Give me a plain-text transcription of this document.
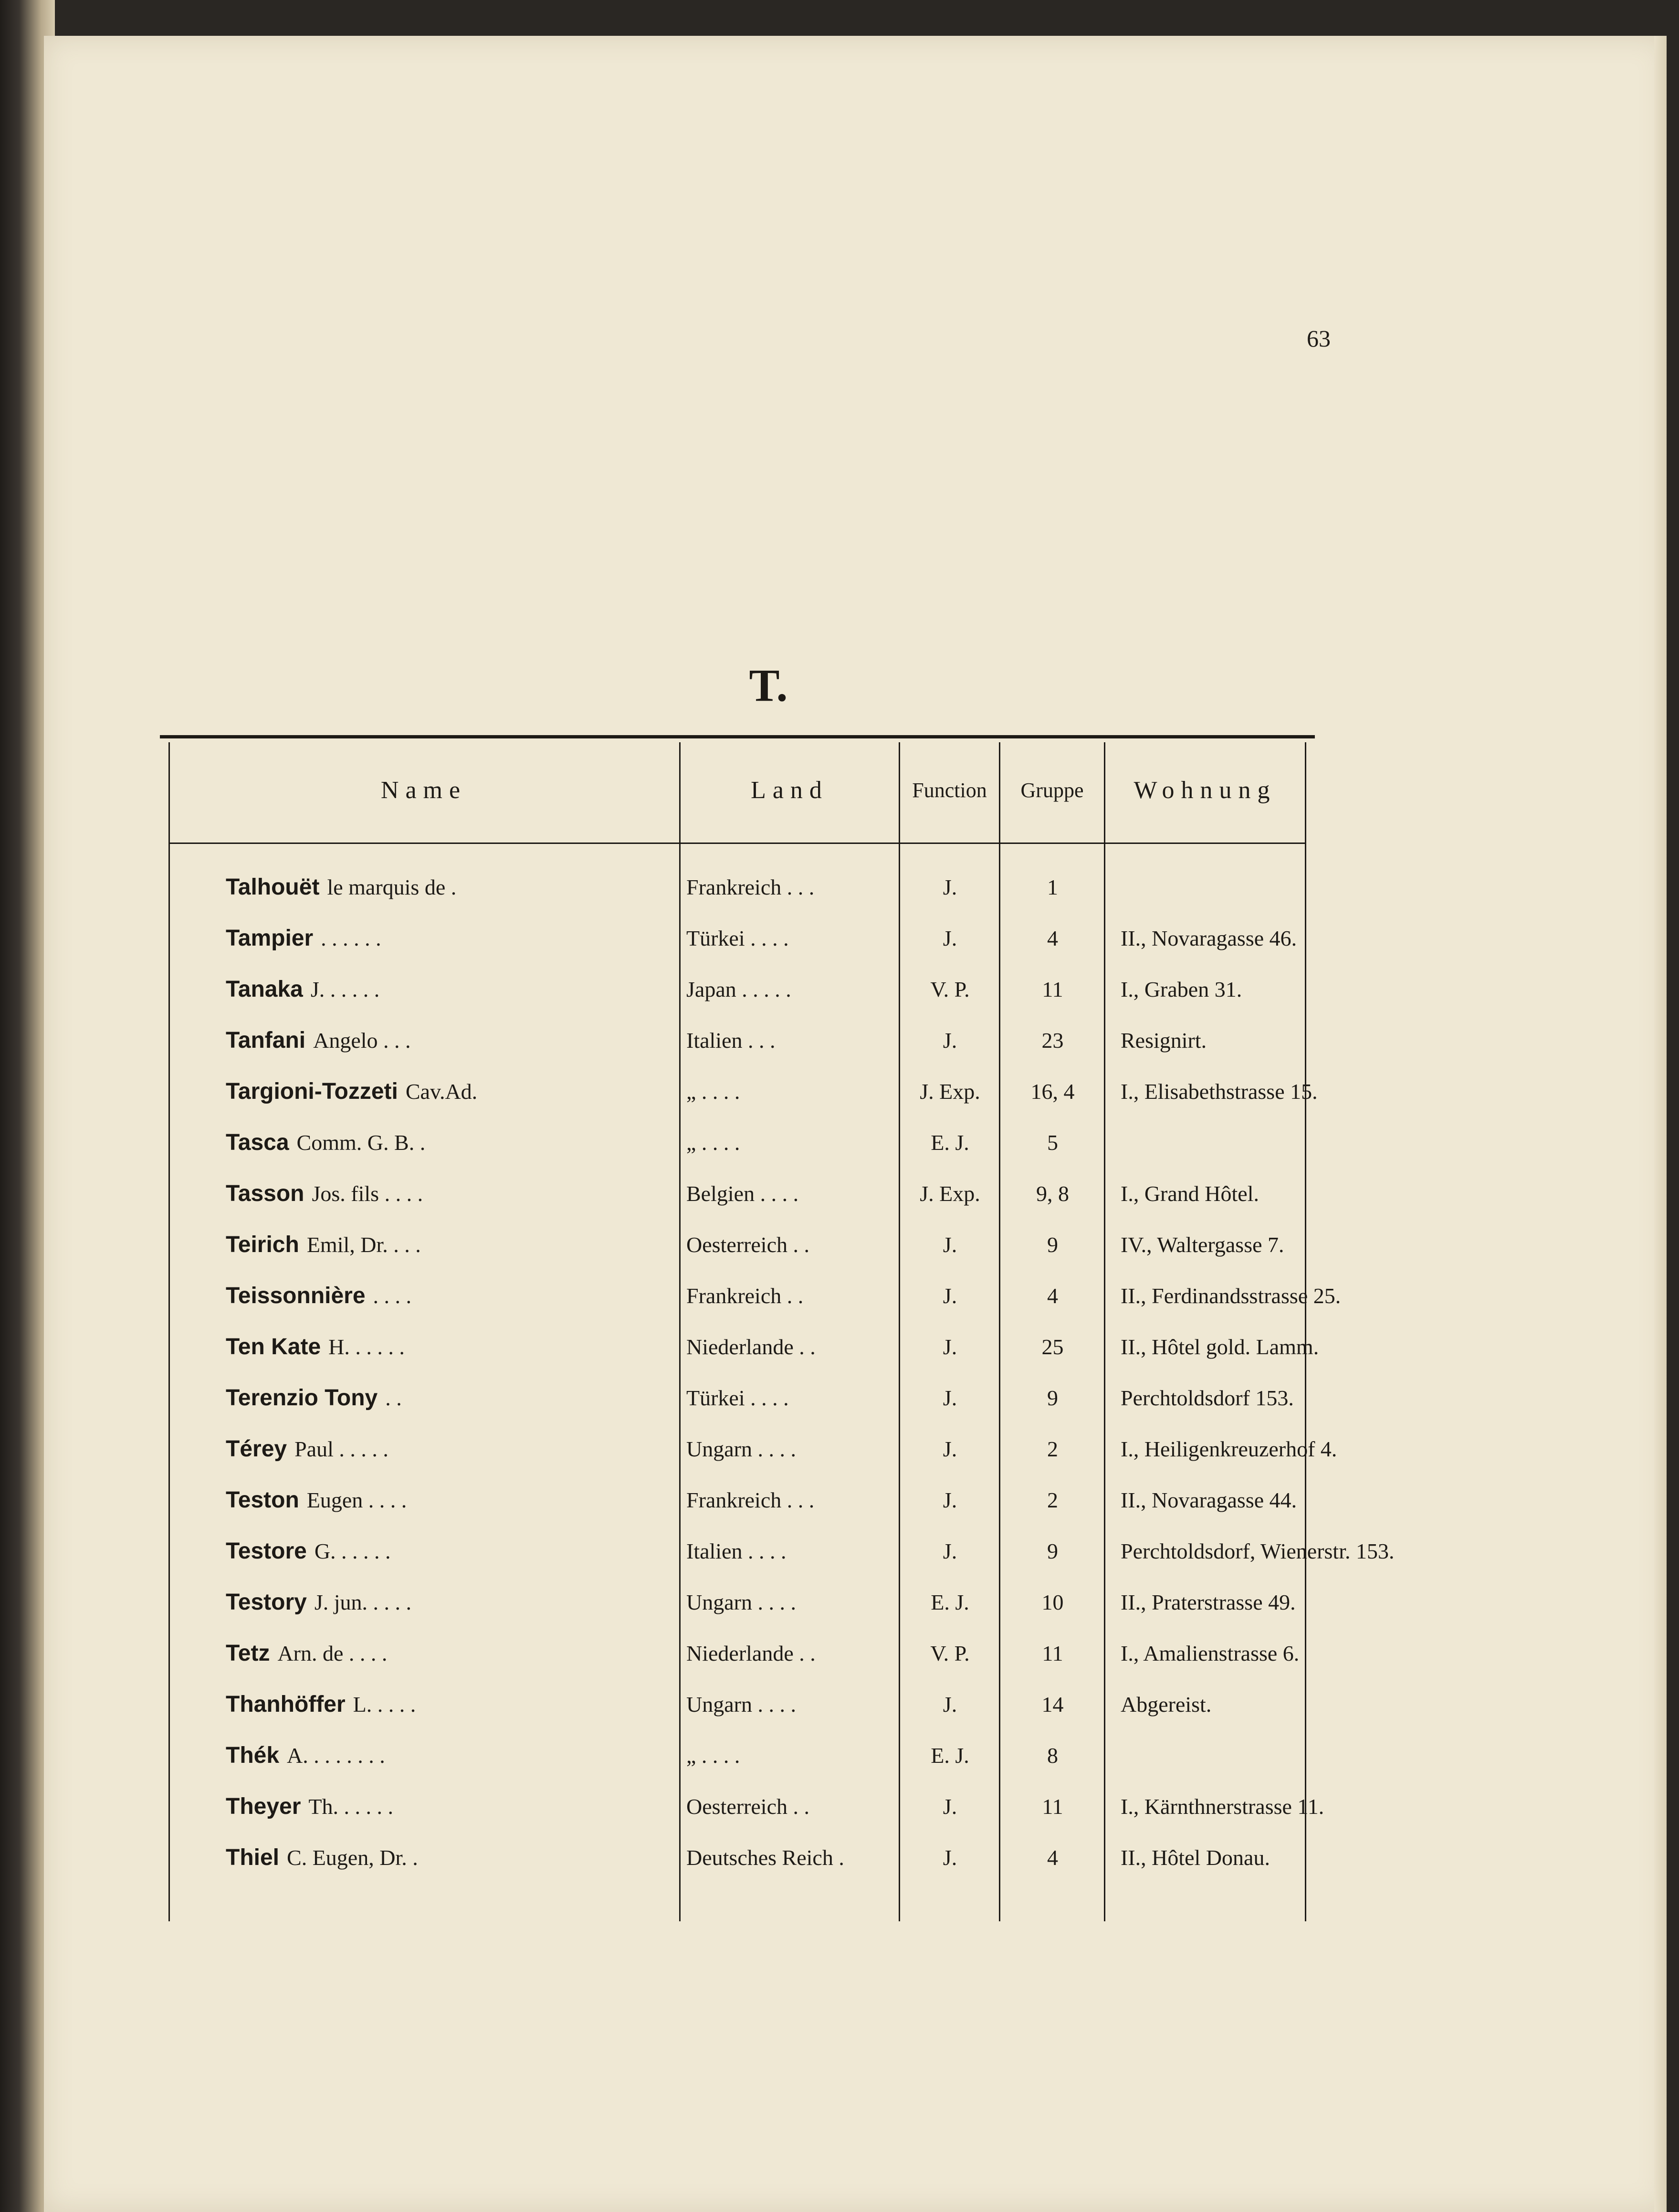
63
T.
Name	Land	Function	Gruppe	Wohnung
Talhouët le marquis de .	Frankreich . . .	J.	1
Tampier . . . . . .	Türkei . . . .	J.	4	II., Novaragasse 46.
Tanaka J. . . . . .	Japan . . . . .	V. P.	11	I., Graben 31.
Tanfani Angelo . . .	Italien . . .	J.	23	Resignirt.
Targioni-Tozzeti Cav.Ad.	„ . . . .	J. Exp.	16, 4	I., Elisabethstrasse 15.
Tasca Comm. G. B. .	„ . . . .	E. J.	5
Tasson Jos. fils . . . .	Belgien . . . .	J. Exp.	9, 8	I., Grand Hôtel.
Teirich Emil, Dr. . . .	Oesterreich . .	J.	9	IV., Waltergasse 7.
Teissonnière . . . .	Frankreich . .	J.	4	II., Ferdinandsstrasse 25.
Ten Kate H. . . . . .	Niederlande . .	J.	25	II., Hôtel gold. Lamm.
Terenzio Tony . .	Türkei . . . .	J.	9	Perchtoldsdorf 153.
Térey Paul . . . . .	Ungarn . . . .	J.	2	I., Heiligenkreuzerhof 4.
Teston Eugen . . . .	Frankreich . . .	J.	2	II., Novaragasse 44.
Testore G. . . . . .	Italien . . . .	J.	9	Perchtoldsdorf, Wienerstr. 153.
Testory J. jun. . . . .	Ungarn . . . .	E. J.	10	II., Praterstrasse 49.
Tetz Arn. de . . . .	Niederlande . .	V. P.	11	I., Amalienstrasse 6.
Thanhöffer L. . . . .	Ungarn . . . .	J.	14	Abgereist.
Thék A. . . . . . . .	„ . . . .	E. J.	8
Theyer Th. . . . . .	Oesterreich . .	J.	11	I., Kärnthnerstrasse 11.
Thiel C. Eugen, Dr. .	Deutsches Reich .	J.	4	II., Hôtel Donau.
